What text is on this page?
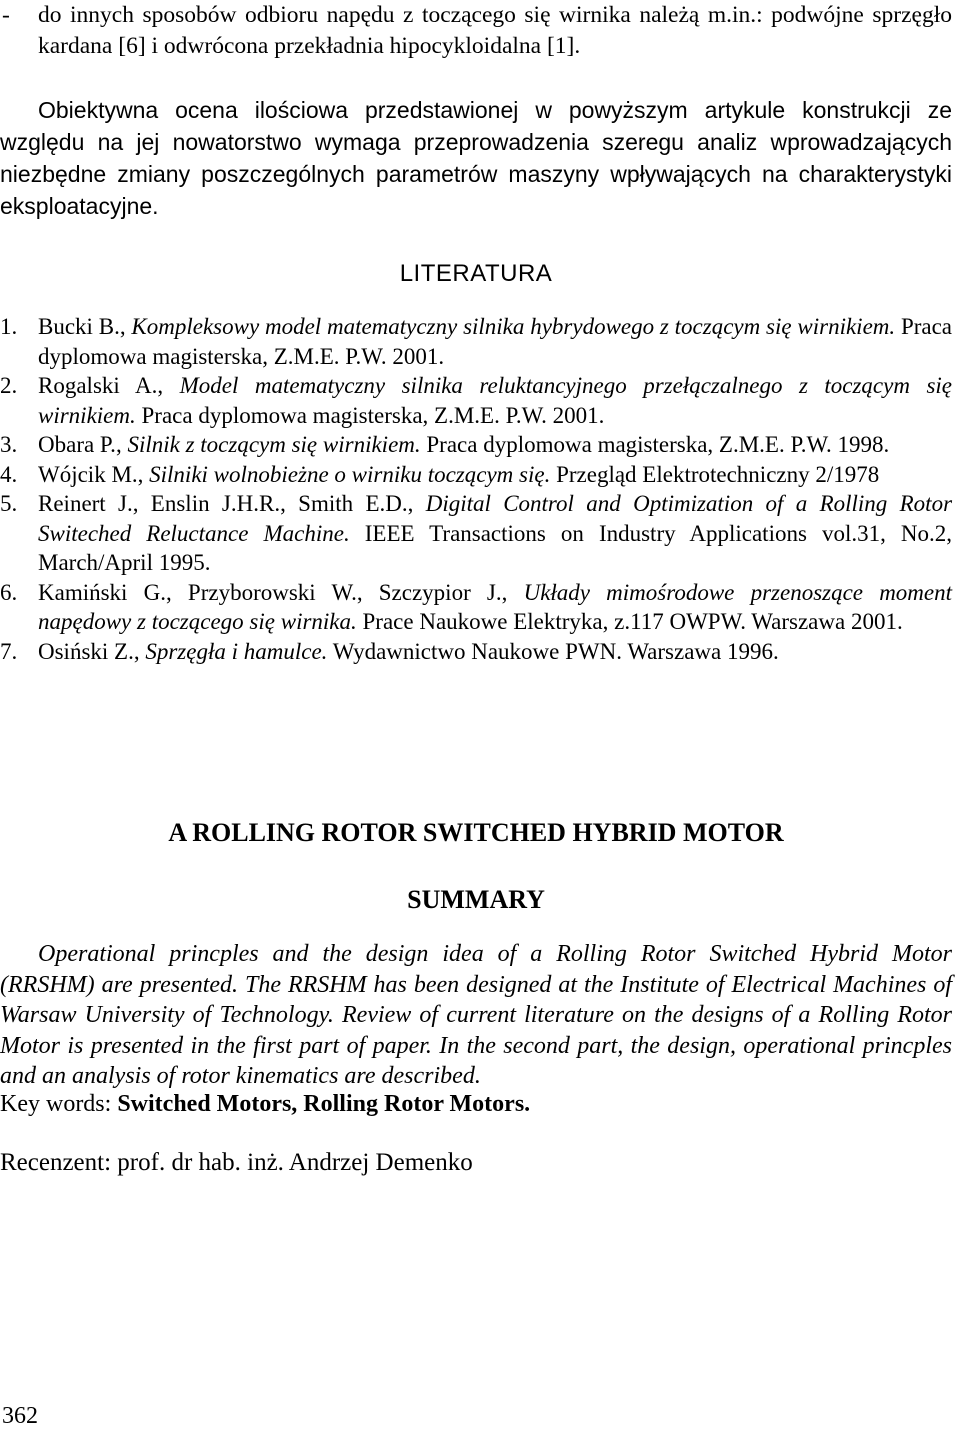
- do innych sposobów odbioru napędu z toczącego się wirnika należą m.in.: podwójne sprzęgło kardana [6] i odwrócona przekładnia hipocykloidalna [1].

Obiektywna ocena ilościowa przedstawionej w powyższym artykule konstrukcji ze względu na jej nowatorstwo wymaga przeprowadzenia szeregu analiz wprowadzających niezbędne zmiany poszczególnych parametrów maszyny wpływających na charakterystyki eksploatacyjne.

LITERATURA
1. Bucki B., Kompleksowy model matematyczny silnika hybrydowego z toczącym się wirnikiem. Praca dyplomowa magisterska, Z.M.E. P.W. 2001.
2. Rogalski A., Model matematyczny silnika reluktancyjnego przełączalnego z toczącym się wirnikiem. Praca dyplomowa magisterska, Z.M.E. P.W. 2001.
3. Obara P., Silnik z toczącym się wirnikiem. Praca dyplomowa magisterska, Z.M.E. P.W. 1998.
4. Wójcik M., Silniki wolnobieżne o wirniku toczącym się. Przegląd Elektrotechniczny 2/1978
5. Reinert J., Enslin J.H.R., Smith E.D., Digital Control and Optimization of a Rolling Rotor Switeched Reluctance Machine. IEEE Transactions on Industry Applications vol.31, No.2, March/April 1995.
6. Kamiński G., Przyborowski W., Szczypior J., Układy mimośrodowe przenoszące moment napędowy z toczącego się wirnika. Prace Naukowe Elektryka, z.117 OWPW. Warszawa 2001.
7. Osiński Z., Sprzęgła i hamulce. Wydawnictwo Naukowe PWN. Warszawa 1996.
A ROLLING ROTOR SWITCHED HYBRID MOTOR
SUMMARY

Operational princples and the design idea of a Rolling Rotor Switched Hybrid Motor (RRSHM) are presented. The RRSHM has been designed at the Institute of Electrical Machines of Warsaw University of Technology. Review of current literature on the designs of a Rolling Rotor Motor is presented in the first part of paper. In the second part, the design, operational princples and an analysis of rotor kinematics are described.

Key words: Switched Motors, Rolling Rotor Motors.
Recenzent: prof. dr hab. inż. Andrzej Demenko
362
